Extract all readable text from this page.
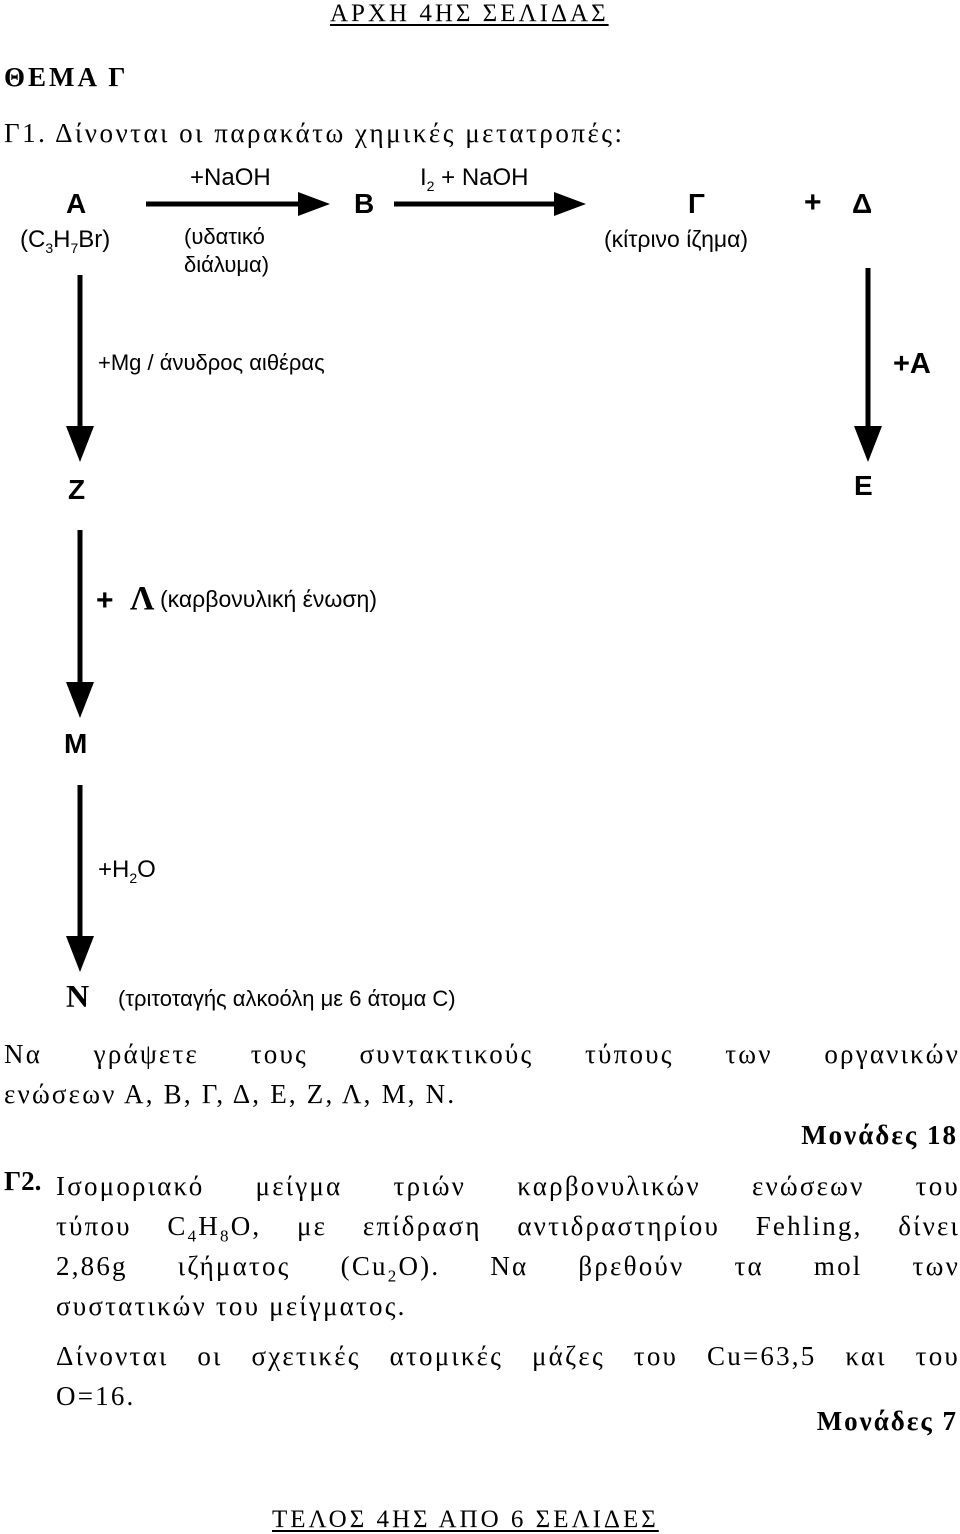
ΑΡΧΗ 4ΗΣ ΣΕΛΙΔΑΣ
ΘΕΜΑ Γ
Γ1. Δίνονται οι παρακάτω χημικές μετατροπές:
+NaOH	$I_2$ + NaOH
Α	Β	Γ	+ Δ
$(C_3H_7Br)$	(υδατικό
διάλυμα)
(κίτρινο ίζημα)
+Mg / άνυδρος αιθέρας	+Α
Ζ	Ε
+ Λ (καρβονυλική ένωση)
Μ
$+H_2O$
Ν (τριτοταγής αλκοόλη με 6 άτομα C)
Να γράψετε τους συντακτικούς τύπους των οργανικών
ενώσεων Α, Β, Γ, Δ, Ε, Ζ, Λ, Μ, Ν.
Μονάδες 18
Γ2. Ισομοριακό μείγμα τριών καρβονυλικών ενώσεων του
τύπου $C_4H_8O$, με επίδραση αντιδραστηρίου Fehling, δίνει
2,86g ιζήματος $(Cu_2O)$. Να βρεθούν τα mol των
συστατικών του μείγματος.
Δίνονται οι σχετικές ατομικές μάζες του Cu=63,5 και του
O=16.
Μονάδες 7
ΤΕΛΟΣ 4ΗΣ ΑΠΟ 6 ΣΕΛΙΔΕΣ
